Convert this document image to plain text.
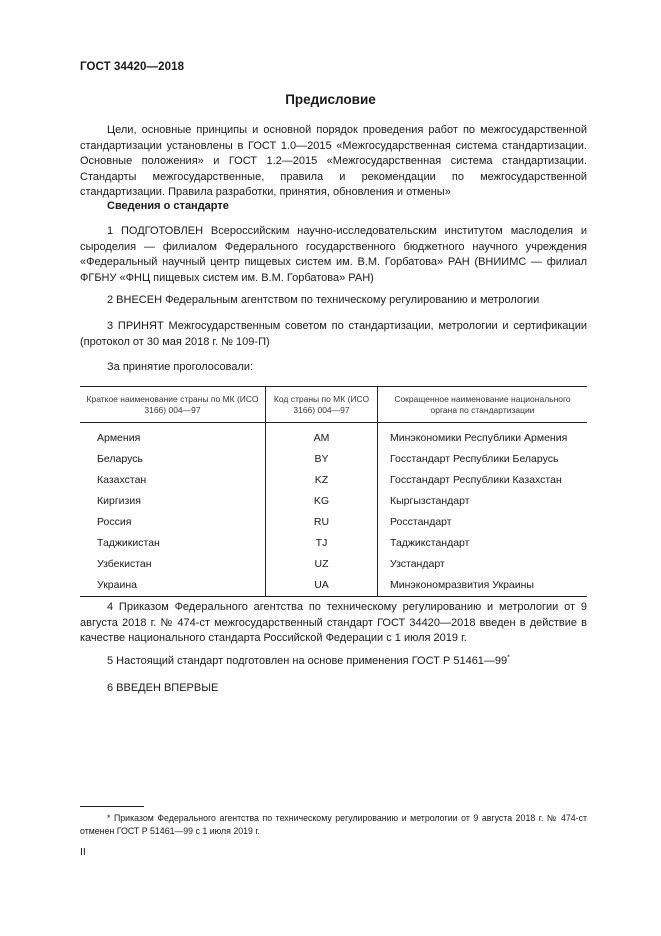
ГОСТ 34420—2018
Предисловие
Цели, основные принципы и основной порядок проведения работ по межгосударственной стандартизации установлены в ГОСТ 1.0—2015 «Межгосударственная система стандартизации. Основные положения» и ГОСТ 1.2—2015 «Межгосударственная система стандартизации. Стандарты межгосударственные, правила и рекомендации по межгосударственной стандартизации. Правила разработки, принятия, обновления и отмены»
Сведения о стандарте
1 ПОДГОТОВЛЕН Всероссийским научно-исследовательским институтом маслоделия и сыроделия — филиалом Федерального государственного бюджетного научного учреждения «Федеральный научный центр пищевых систем им. В.М. Горбатова» РАН (ВНИИМС — филиал ФГБНУ «ФНЦ пищевых систем им. В.М. Горбатова» РАН)
2 ВНЕСЕН Федеральным агентством по техническому регулированию и метрологии
3 ПРИНЯТ Межгосударственным советом по стандартизации, метрологии и сертификации (протокол от 30 мая 2018 г. № 109-П)
За принятие проголосовали:
Краткое наименование страны по МК (ИСО 3166) 004—97	Код страны по МК (ИСО 3166) 004—97	Сокращенное наименование национального органа по стандартизации
Армения	AM	Минэкономики Республики Армения
Беларусь	BY	Госстандарт Республики Беларусь
Казахстан	KZ	Госстандарт Республики Казахстан
Киргизия	KG	Кыргызстандарт
Россия	RU	Росстандарт
Таджикистан	TJ	Таджикстандарт
Узбекистан	UZ	Узстандарт
Украина	UA	Минэкономразвития Украины
4 Приказом Федерального агентства по техническому регулированию и метрологии от 9 августа 2018 г. № 474-ст межгосударственный стандарт ГОСТ 34420—2018 введен в действие в качестве национального стандарта Российской Федерации с 1 июля 2019 г.
5 Настоящий стандарт подготовлен на основе применения ГОСТ Р 51461—99*
6 ВВЕДЕН ВПЕРВЫЕ
* Приказом Федерального агентства по техническому регулированию и метрологии от 9 августа 2018 г. № 474-ст отменен ГОСТ Р 51461—99 с 1 июля 2019 г.
II
